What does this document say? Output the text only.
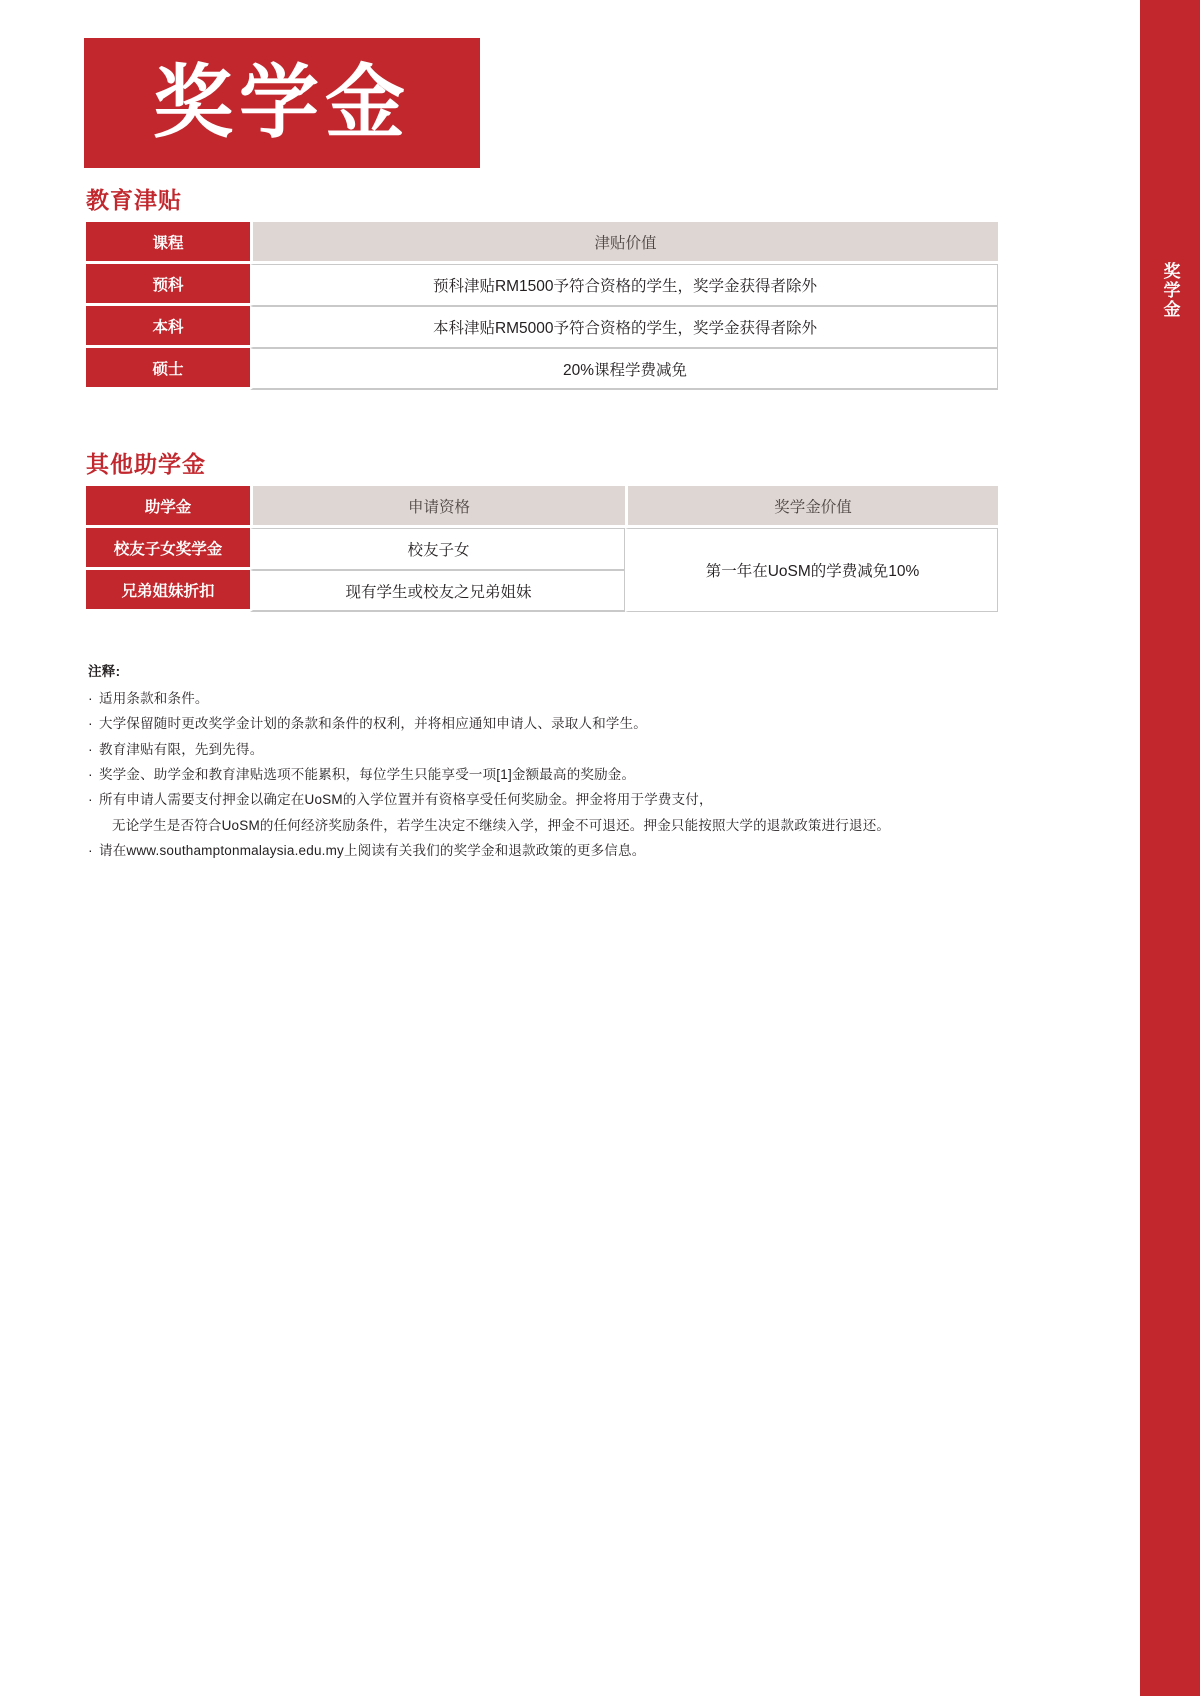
奖学金
奖学金
教育津贴
课程	津贴价值
预科	预科津贴RM1500予符合资格的学生，奖学金获得者除外
本科	本科津贴RM5000予符合资格的学生，奖学金获得者除外
硕士	20%课程学费减免
其他助学金
助学金	申请资格	奖学金价值
校友子女奖学金	校友子女	第一年在UoSM的学费减免10%
兄弟姐妹折扣	现有学生或校友之兄弟姐妹	
注释:
· 适用条款和条件。
· 大学保留随时更改奖学金计划的条款和条件的权利，并将相应通知申请人、录取人和学生。
· 教育津贴有限，先到先得。
· 奖学金、助学金和教育津贴选项不能累积，每位学生只能享受一项[1]金额最高的奖励金。
· 所有申请人需要支付押金以确定在UoSM的入学位置并有资格享受任何奖励金。押金将用于学费支付，
无论学生是否符合UoSM的任何经济奖励条件，若学生决定不继续入学，押金不可退还。押金只能按照大学的退款政策进行退还。
· 请在www.southamptonmalaysia.edu.my上阅读有关我们的奖学金和退款政策的更多信息。
